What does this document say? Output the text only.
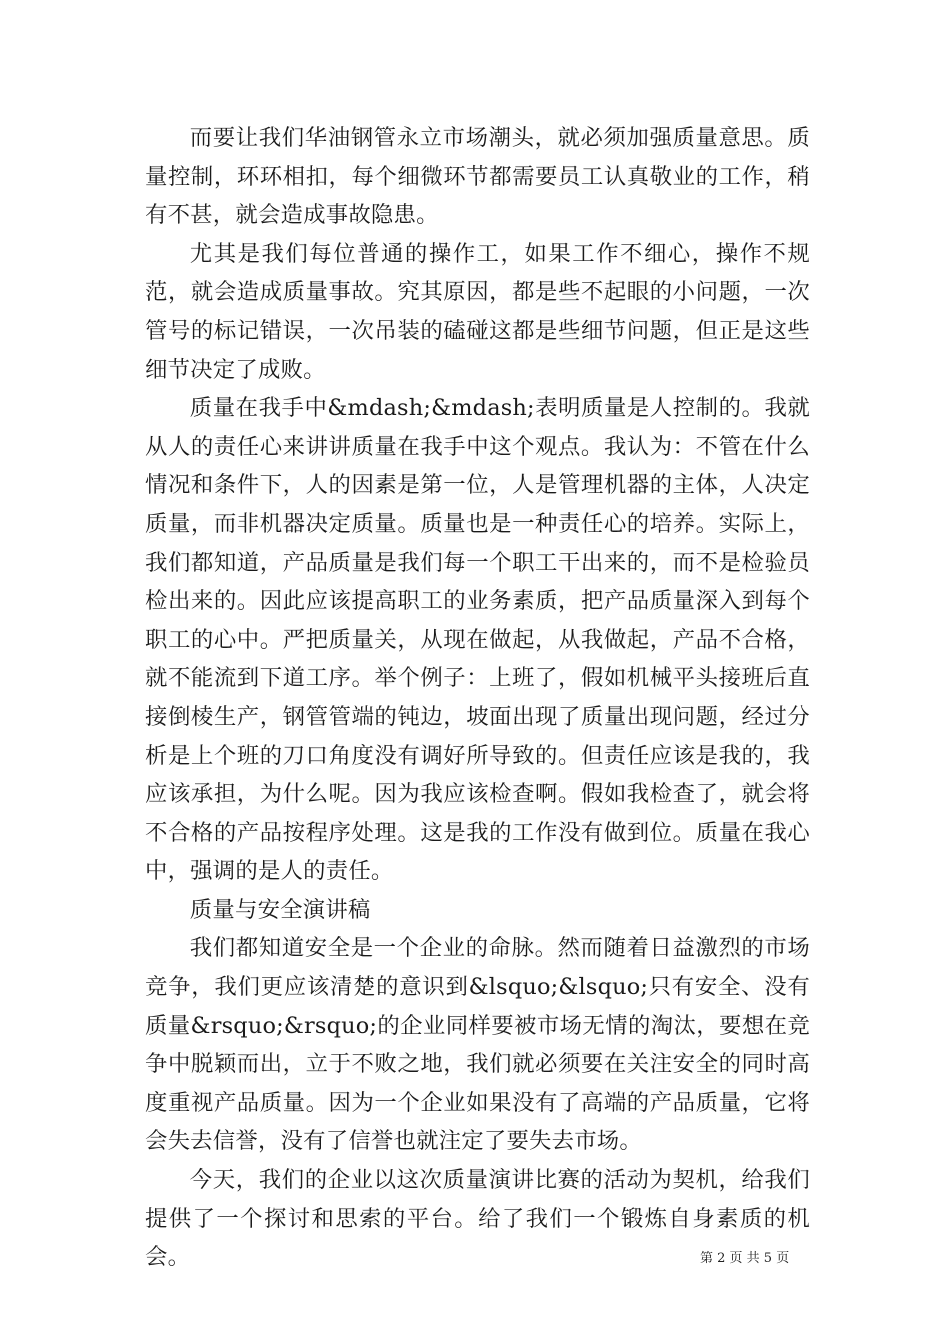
而要让我们华油钢管永立市场潮头，就必须加强质量意思。质量控制，环环相扣，每个细微环节都需要员工认真敬业的工作，稍有不甚，就会造成事故隐患。

尤其是我们每位普通的操作工，如果工作不细心，操作不规范，就会造成质量事故。究其原因，都是些不起眼的小问题，一次管号的标记错误，一次吊装的磕碰这都是些细节问题，但正是这些细节决定了成败。

质量在我手中&mdash;&mdash;表明质量是人控制的。我就从人的责任心来讲讲质量在我手中这个观点。我认为：不管在什么情况和条件下，人的因素是第一位，人是管理机器的主体，人决定质量，而非机器决定质量。质量也是一种责任心的培养。实际上，我们都知道，产品质量是我们每一个职工干出来的，而不是检验员检出来的。因此应该提高职工的业务素质，把产品质量深入到每个职工的心中。严把质量关，从现在做起，从我做起，产品不合格，就不能流到下道工序。举个例子：上班了，假如机械平头接班后直接倒棱生产，钢管管端的钝边，坡面出现了质量出现问题，经过分析是上个班的刀口角度没有调好所导致的。但责任应该是我的，我应该承担，为什么呢。因为我应该检查啊。假如我检查了，就会将不合格的产品按程序处理。这是我的工作没有做到位。质量在我心中，强调的是人的责任。

质量与安全演讲稿

我们都知道安全是一个企业的命脉。然而随着日益激烈的市场竞争，我们更应该清楚的意识到&lsquo;&lsquo;只有安全、没有质量&rsquo;&rsquo;的企业同样要被市场无情的淘汰，要想在竞争中脱颖而出，立于不败之地，我们就必须要在关注安全的同时高度重视产品质量。因为一个企业如果没有了高端的产品质量，它将会失去信誉，没有了信誉也就注定了要失去市场。

今天，我们的企业以这次质量演讲比赛的活动为契机，给我们提供了一个探讨和思索的平台。给了我们一个锻炼自身素质的机会。	第 2 页 共 5 页
